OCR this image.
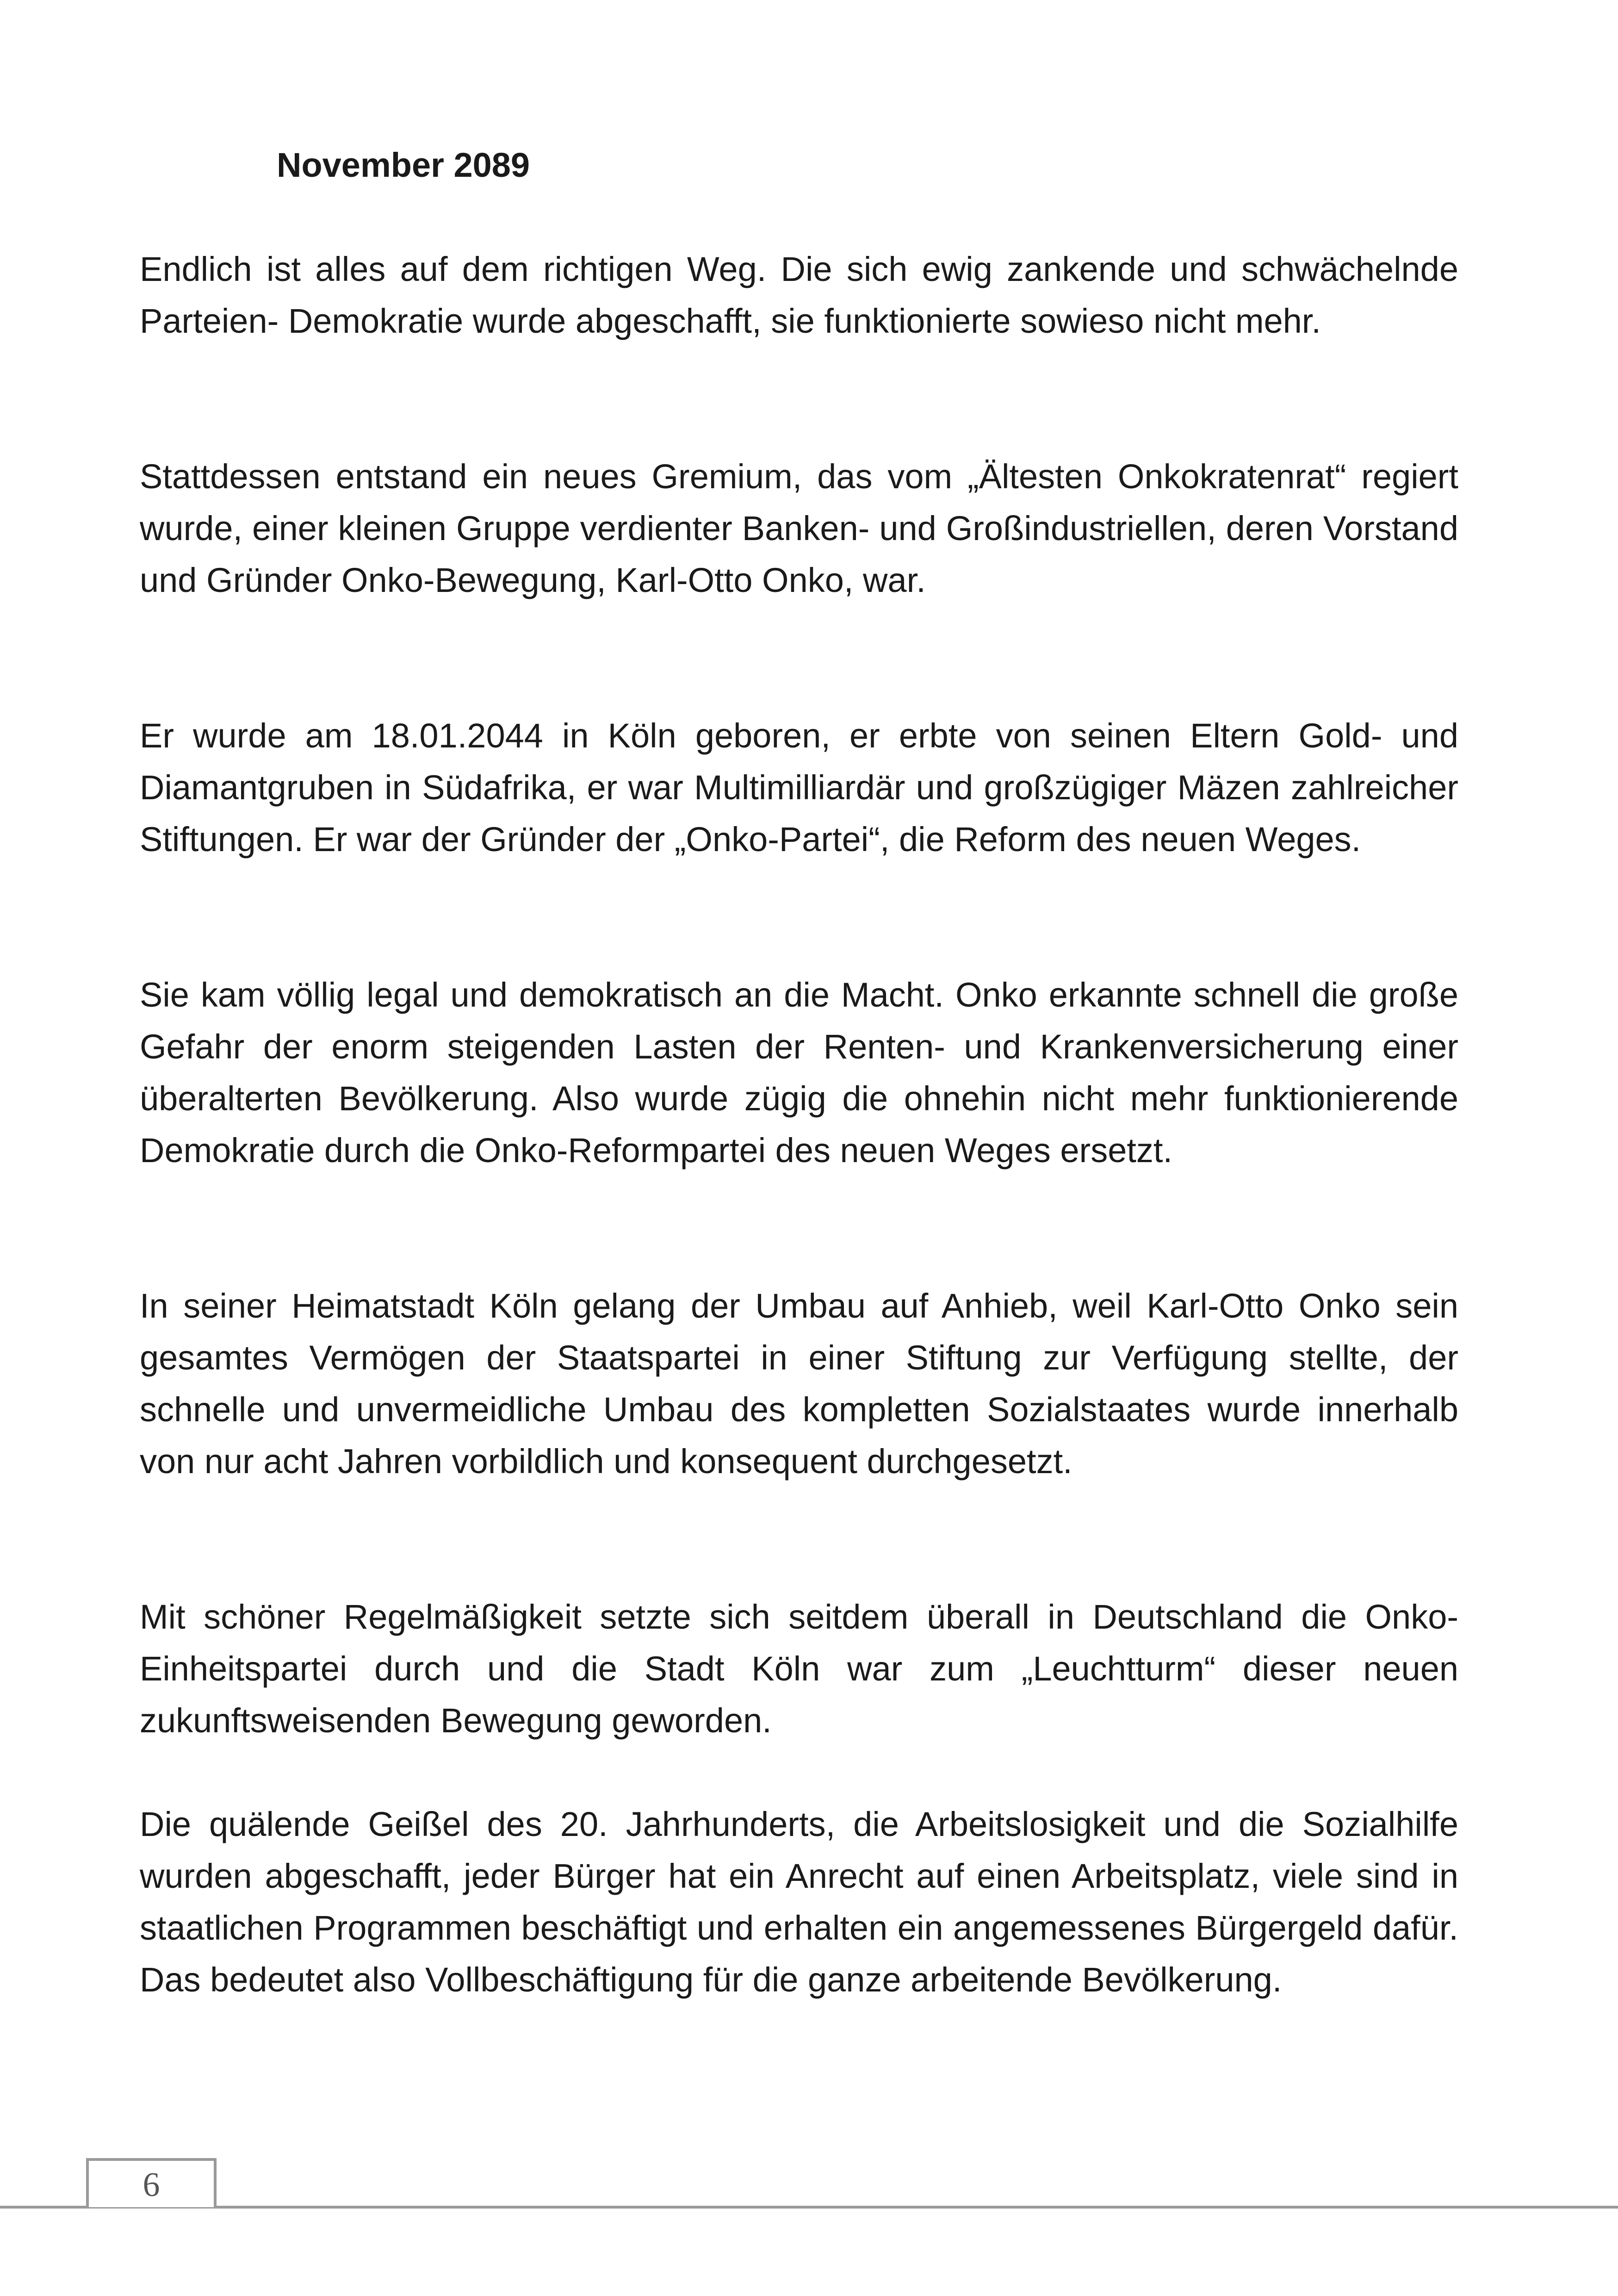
November 2089

Endlich ist alles auf dem richtigen Weg. Die sich ewig zankende und schwächelnde Parteien- Demokratie wurde abgeschafft, sie funktionierte sowieso nicht mehr.

Stattdessen entstand ein neues Gremium, das vom „Ältesten Onkokratenrat“ regiert wurde, einer kleinen Gruppe verdienter Banken- und Großindustriellen, deren Vorstand und Gründer Onko-Bewegung, Karl-Otto Onko, war.

Er wurde am 18.01.2044 in Köln geboren, er erbte von seinen Eltern Gold- und Diamantgruben in Südafrika, er war Multimilliardär und großzügiger Mäzen zahlreicher Stiftungen. Er war der Gründer der „Onko-Partei“, die Reform des neuen Weges.

Sie kam völlig legal und demokratisch an die Macht. Onko erkannte schnell die große Gefahr der enorm steigenden Lasten der Renten- und Krankenversicherung einer überalterten Bevölkerung. Also wurde zügig die ohnehin nicht mehr funktionierende Demokratie durch die Onko-Reformpartei des neuen Weges ersetzt.

In seiner Heimatstadt Köln gelang der Umbau auf Anhieb, weil Karl-Otto Onko sein gesamtes Vermögen der Staatspartei in einer Stiftung zur Verfügung stellte, der schnelle und unvermeidliche Umbau des kompletten Sozialstaates wurde innerhalb von nur acht Jahren vorbildlich und konsequent durchgesetzt.

Mit schöner Regelmäßigkeit setzte sich seitdem überall in Deutschland die Onko-Einheitspartei durch und die Stadt Köln war zum „Leuchtturm“ dieser neuen zukunftsweisenden Bewegung geworden.

Die quälende Geißel des 20. Jahrhunderts, die Arbeitslosigkeit und die Sozialhilfe wurden abgeschafft, jeder Bürger hat ein Anrecht auf einen Arbeitsplatz, viele sind in staatlichen Programmen beschäftigt und erhalten ein angemessenes Bürgergeld dafür. Das bedeutet also Vollbeschäftigung für die ganze arbeitende Bevölkerung.

6
